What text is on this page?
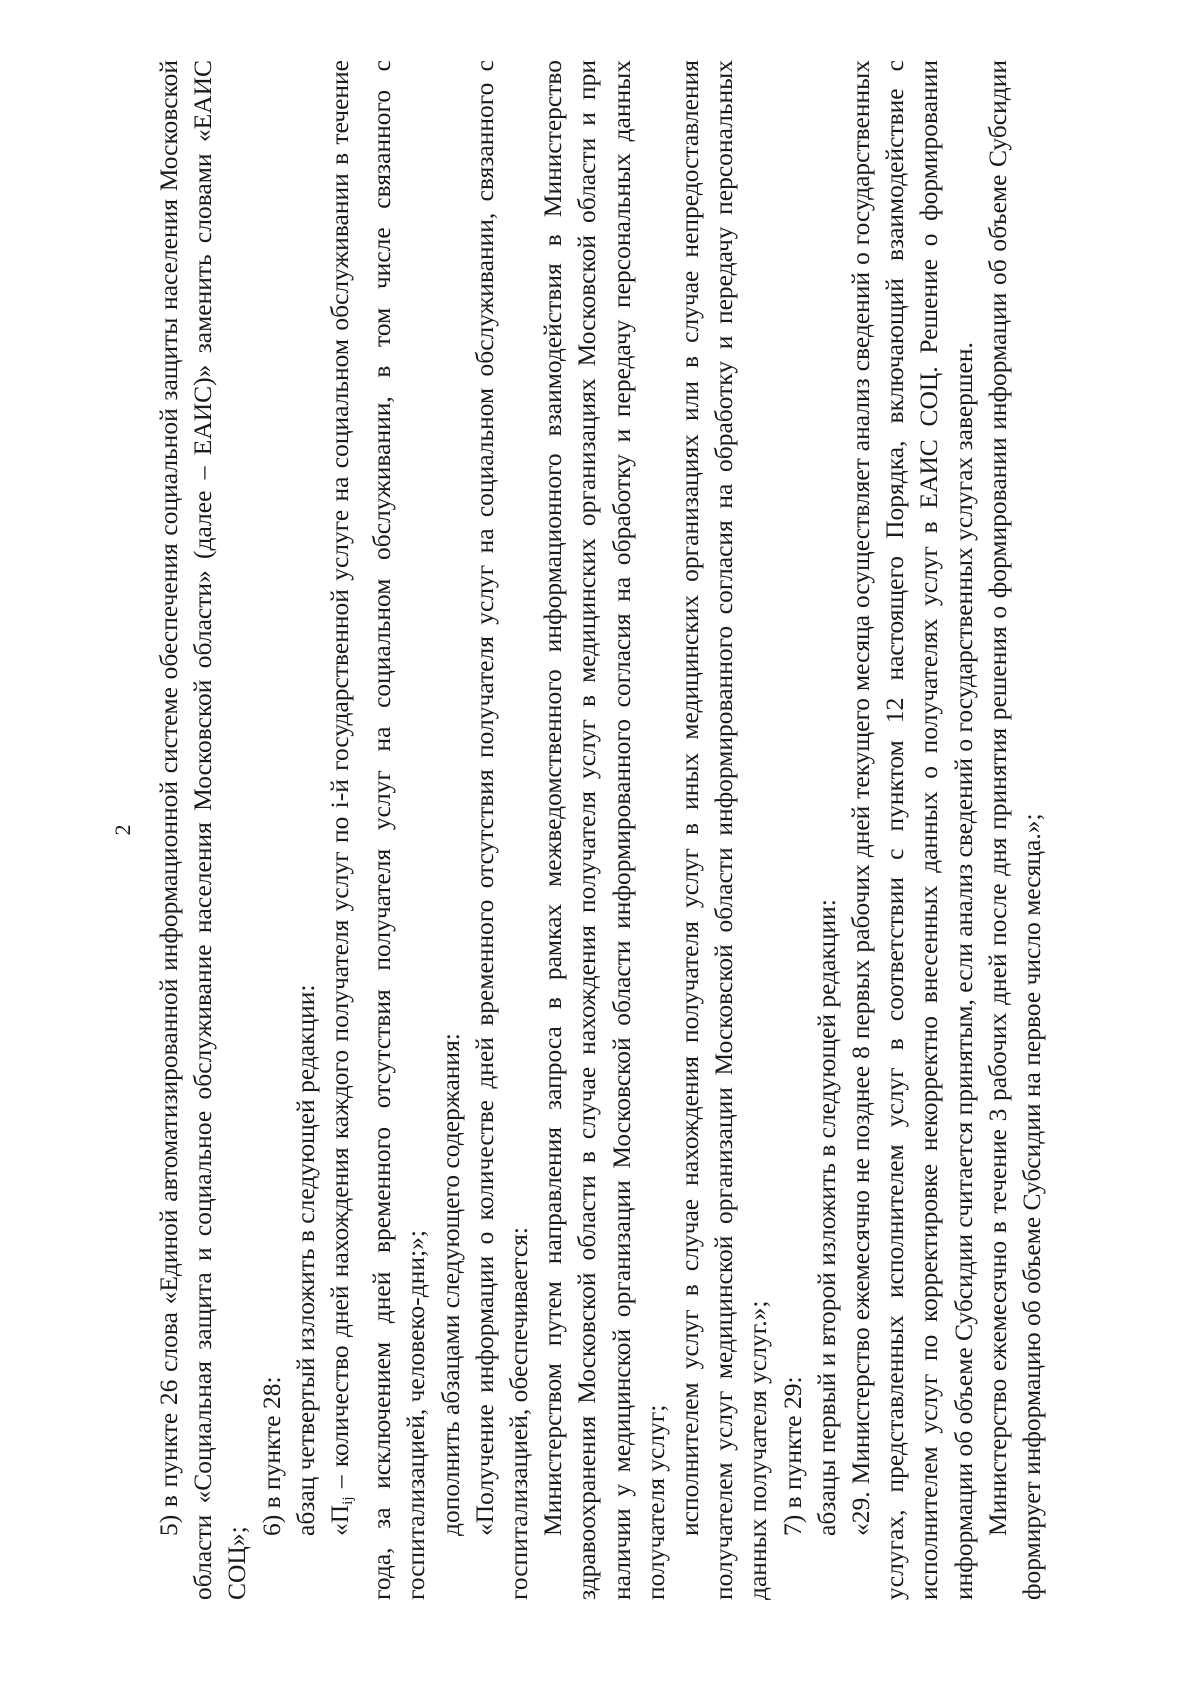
2 5) в пункте 26 слова «Единой автоматизированной информационной системе обеспечения социальной защиты населения Московской области «Социальная защита и социальное обслуживание населения Московской области» (далее – ЕАИС)» заменить словами «ЕАИС СОЦ»;

6) в пункте 28: абзац четвертый изложить в следующей редакции: «Пij – количество дней нахождения каждого получателя услуг по i-й государственной услуге на социальном обслуживании в течение года, за исключением дней временного отсутствия получателя услуг на социальном обслуживании, в том числе связанного с госпитализацией, человеко-дни;»; дополнить абзацами следующего содержания: «Получение информации о количестве дней временного отсутствия получателя услуг на социальном обслуживании, связанного с госпитализацией, обеспечивается: Министерством путем направления запроса в рамках межведомственного информационного взаимодействия в Министерство здравоохранения Московской области в случае нахождения получателя услуг в медицинских организациях Московской области и при наличии у медицинской организации Московской области информированного согласия на обработку и передачу персональных данных получателя услуг; исполнителем услуг в случае нахождения получателя услуг в иных медицинских организациях или в случае непредоставления получателем услуг медицинской организации Московской области информированного согласия на обработку и передачу персональных данных получателя услуг.»; 7) в пункте 29: абзацы первый и второй изложить в следующей редакции: «29. Министерство ежемесячно не позднее 8 первых рабочих дней текущего месяца осуществляет анализ сведений о государственных услугах, представленных исполнителем услуг в соответствии с пунктом 12 настоящего Порядка, включающий взаимодействие с исполнителем услуг по корректировке некорректно внесенных данных о получателях услуг в ЕАИС СОЦ. Решение о формировании информации об объеме Субсидии считается принятым, если анализ сведений о государственных услугах завершен. Министерство ежемесячно в течение 3 рабочих дней после дня принятия решения о формировании информации об объеме Субсидии формирует информацию об объеме Субсидии на первое число месяца.»;
